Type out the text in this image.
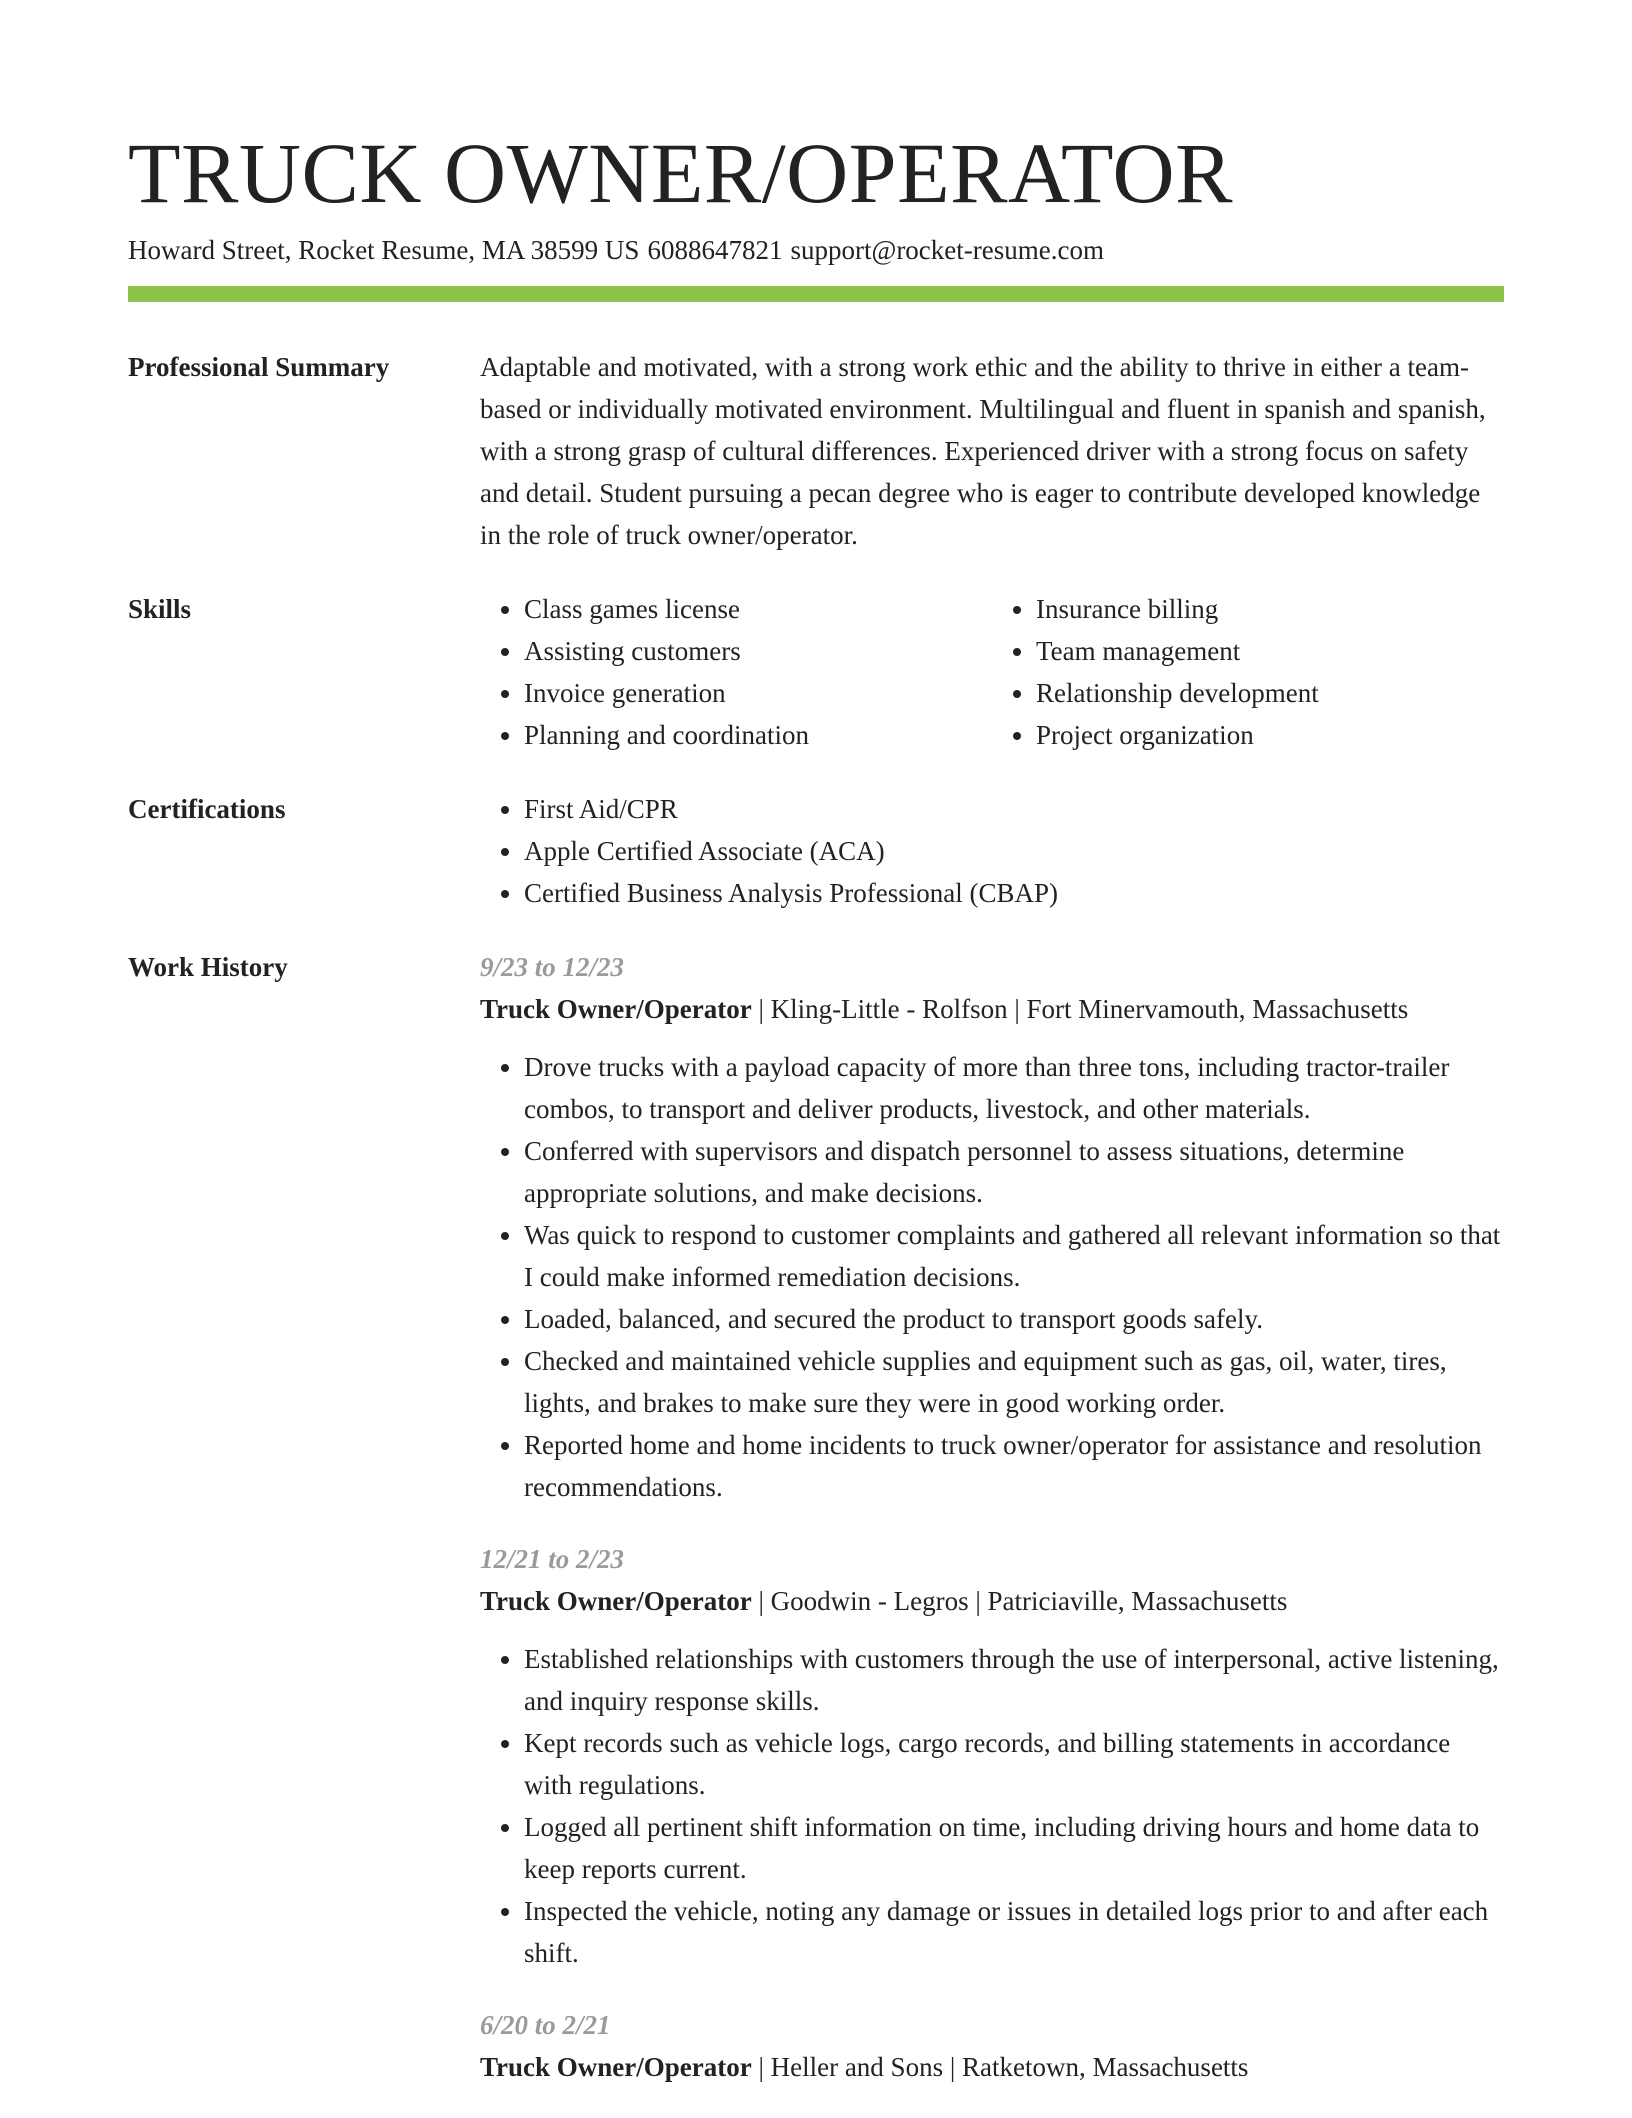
TRUCK OWNER/OPERATOR
Howard Street, Rocket Resume, MA 38599 US 6088647821 support@rocket-resume.com
Professional Summary	Adaptable and motivated, with a strong work ethic and the ability to thrive in either a team-based or individually motivated environment. Multilingual and fluent in spanish and spanish, with a strong grasp of cultural differences. Experienced driver with a strong focus on safety and detail. Student pursuing a pecan degree who is eager to contribute developed knowledge in the role of truck owner/operator.

Skills	• Class games license
• Assisting customers
• Invoice generation
• Planning and coordination
• Insurance billing
• Team management
• Relationship development
• Project organization
Certifications	• First Aid/CPR
• Apple Certified Associate (ACA)
• Certified Business Analysis Professional (CBAP)
Work History	9/23 to 12/23
Truck Owner/Operator | Kling-Little - Rolfson | Fort Minervamouth, Massachusetts
• Drove trucks with a payload capacity of more than three tons, including tractor-trailer combos, to transport and deliver products, livestock, and other materials.
• Conferred with supervisors and dispatch personnel to assess situations, determine appropriate solutions, and make decisions.
• Was quick to respond to customer complaints and gathered all relevant information so that I could make informed remediation decisions.
• Loaded, balanced, and secured the product to transport goods safely.
• Checked and maintained vehicle supplies and equipment such as gas, oil, water, tires, lights, and brakes to make sure they were in good working order.
• Reported home and home incidents to truck owner/operator for assistance and resolution recommendations.
12/21 to 2/23
Truck Owner/Operator | Goodwin - Legros | Patriciaville, Massachusetts
• Established relationships with customers through the use of interpersonal, active listening, and inquiry response skills.
• Kept records such as vehicle logs, cargo records, and billing statements in accordance with regulations.
• Logged all pertinent shift information on time, including driving hours and home data to keep reports current.
• Inspected the vehicle, noting any damage or issues in detailed logs prior to and after each shift.
6/20 to 2/21
Truck Owner/Operator | Heller and Sons | Ratketown, Massachusetts
